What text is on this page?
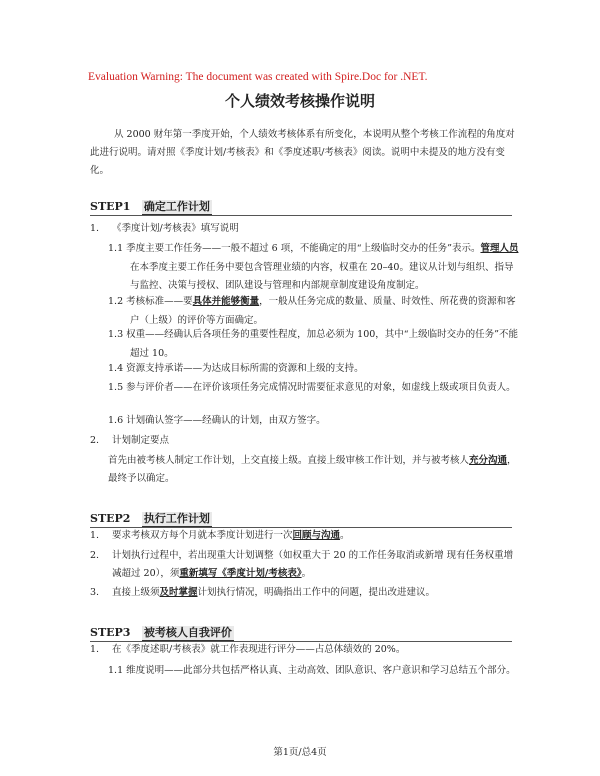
Evaluation Warning: The document was created with Spire.Doc for .NET.
个人绩效考核操作说明
从 2000 财年第一季度开始，个人绩效考核体系有所变化，本说明从整个考核工作流程的角度对此进行说明。请对照《季度计划/考核表》和《季度述职/考核表》阅读。说明中未提及的地方没有变化。
STEP1 确定工作计划
1. 《季度计划/考核表》填写说明
1.1 季度主要工作任务——一般不超过 6 项，不能确定的用“上级临时交办的任务”表示。管理人员在本季度主要工作任务中要包含管理业绩的内容，权重在 20–40。建议从计划与组织、指导与监控、决策与授权、团队建设与管理和内部规章制度建设角度制定。
1.2 考核标准——要具体并能够衡量，一般从任务完成的数量、质量、时效性、所花费的资源和客户（上级）的评价等方面确定。
1.3 权重——经确认后各项任务的重要性程度，加总必须为 100，其中“上级临时交办的任务”不能超过 10。
1.4 资源支持承诺——为达成目标所需的资源和上级的支持。
1.5 参与评价者——在评价该项任务完成情况时需要征求意见的对象，如虚线上级或项目负责人。
1.6 计划确认签字——经确认的计划，由双方签字。
2. 计划制定要点
首先由被考核人制定工作计划，上交直接上级。直接上级审核工作计划，并与被考核人充分沟通，最终予以确定。
STEP2 执行工作计划
1. 要求考核双方每个月就本季度计划进行一次回顾与沟通。
2. 计划执行过程中，若出现重大计划调整（如权重大于 20 的工作任务取消或新增 现有任务权重增减超过 20），须重新填写《季度计划/考核表》。
3. 直接上级须及时掌握计划执行情况，明确指出工作中的问题，提出改进建议。
STEP3 被考核人自我评价
1. 在《季度述职/考核表》就工作表现进行评分——占总体绩效的 20%。
1.1 维度说明——此部分共包括严格认真、主动高效、团队意识、客户意识和学习总结五个部分。
第1页/总4页
